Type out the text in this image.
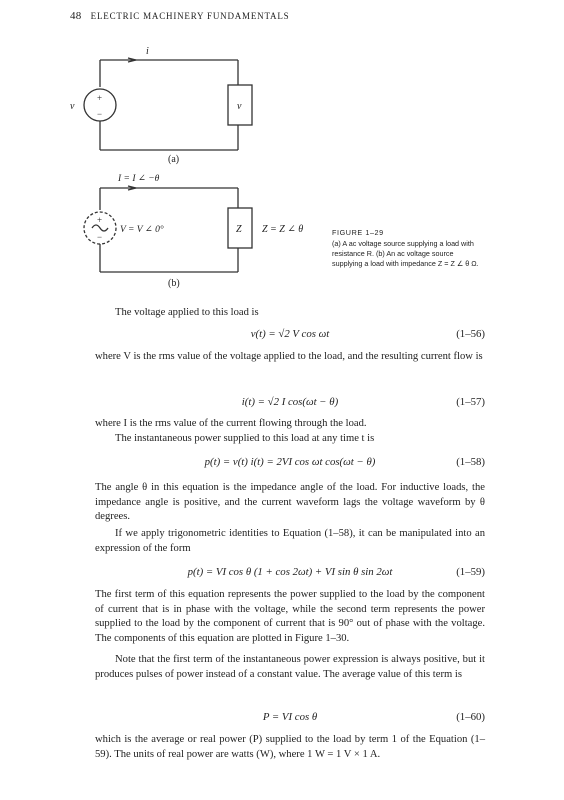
48 ELECTRIC MACHINERY FUNDAMENTALS
+
−
i
v	v
(a)
+
−
I = I ∠ −θ
V = V ∠ 0°	Z Z = Z ∠ θ
(b)
FIGURE 1–29
(a) A ac voltage source supplying a load with resistance R. (b) An ac voltage source supplying a load with impedance Z = Z ∠ θ Ω.

The voltage applied to this load is

v(t) = √2 V cos ωt	(1–56)

where V is the rms value of the voltage applied to the load, and the resulting current flow is

i(t) = √2 I cos(ωt − θ)	(1–57)

where I is the rms value of the current flowing through the load.

The instantaneous power supplied to this load at any time t is

p(t) = v(t) i(t) = 2VI cos ωt cos(ωt − θ)	(1–58)

The angle θ in this equation is the impedance angle of the load. For inductive loads, the impedance angle is positive, and the current waveform lags the voltage waveform by θ degrees.

If we apply trigonometric identities to Equation (1–58), it can be manipulated into an expression of the form

p(t) = VI cos θ (1 + cos 2ωt) + VI sin θ sin 2ωt	(1–59)

The first term of this equation represents the power supplied to the load by the component of current that is in phase with the voltage, while the second term represents the power supplied to the load by the component of current that is 90° out of phase with the voltage. The components of this equation are plotted in Figure 1–30.

Note that the first term of the instantaneous power expression is always positive, but it produces pulses of power instead of a constant value. The average value of this term is

P = VI cos θ	(1–60)

which is the average or real power (P) supplied to the load by term 1 of the Equation (1–59). The units of real power are watts (W), where 1 W = 1 V × 1 A.
